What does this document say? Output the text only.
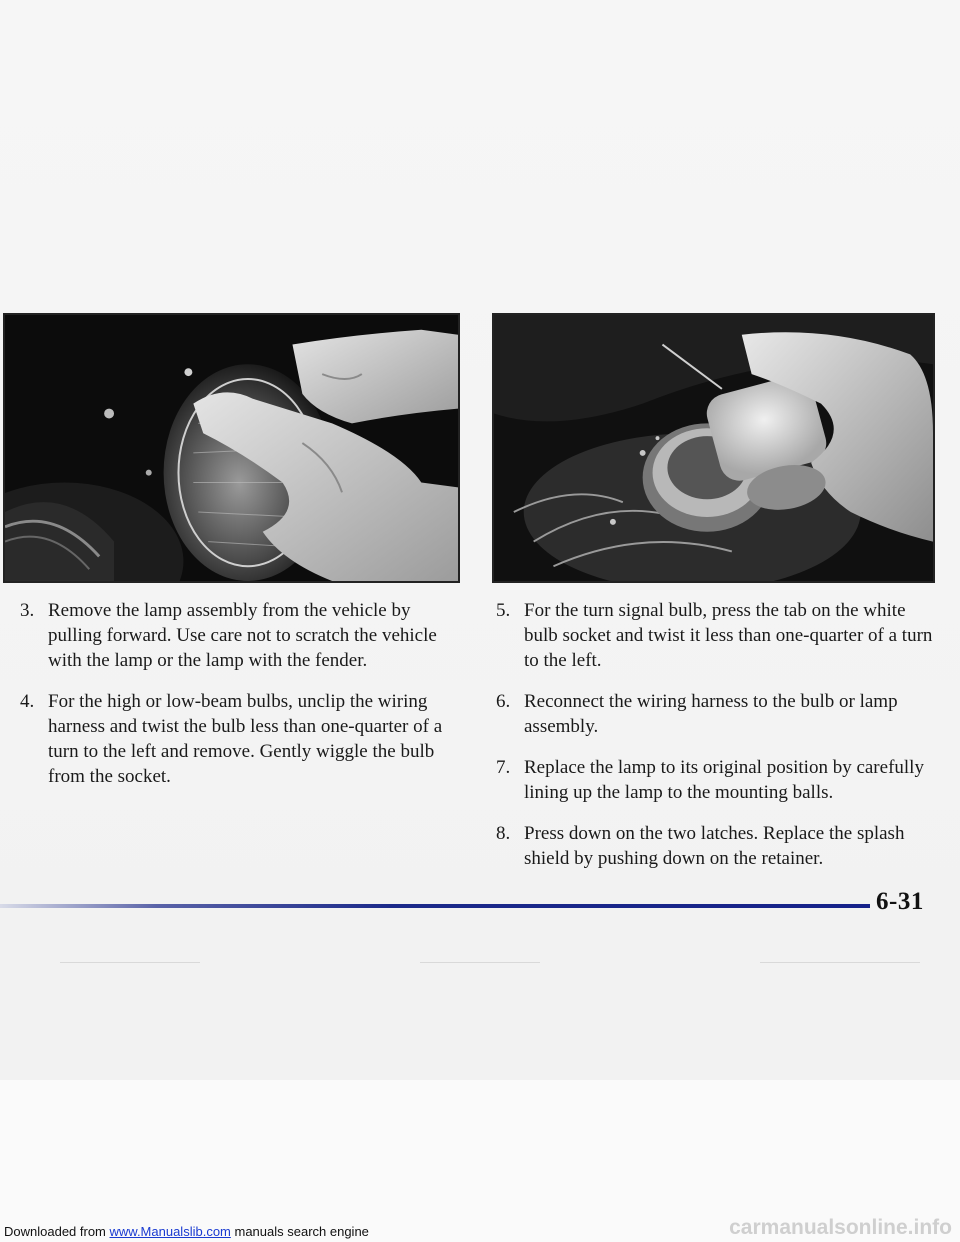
3. Remove the lamp assembly from the vehicle by pulling forward. Use care not to scratch the vehicle with the lamp or the lamp with the fender.
4. For the high or low-beam bulbs, unclip the wiring harness and twist the bulb less than one-quarter of a turn to the left and remove. Gently wiggle the bulb from the socket.
5. For the turn signal bulb, press the tab on the white bulb socket and twist it less than one-quarter of a turn to the left.
6. Reconnect the wiring harness to the bulb or lamp assembly.
7. Replace the lamp to its original position by carefully lining up the lamp to the mounting balls.
8. Press down on the two latches. Replace the splash shield by pushing down on the retainer.
6-31
Downloaded from www.Manualslib.com manuals search engine	carmanualsonline.info
